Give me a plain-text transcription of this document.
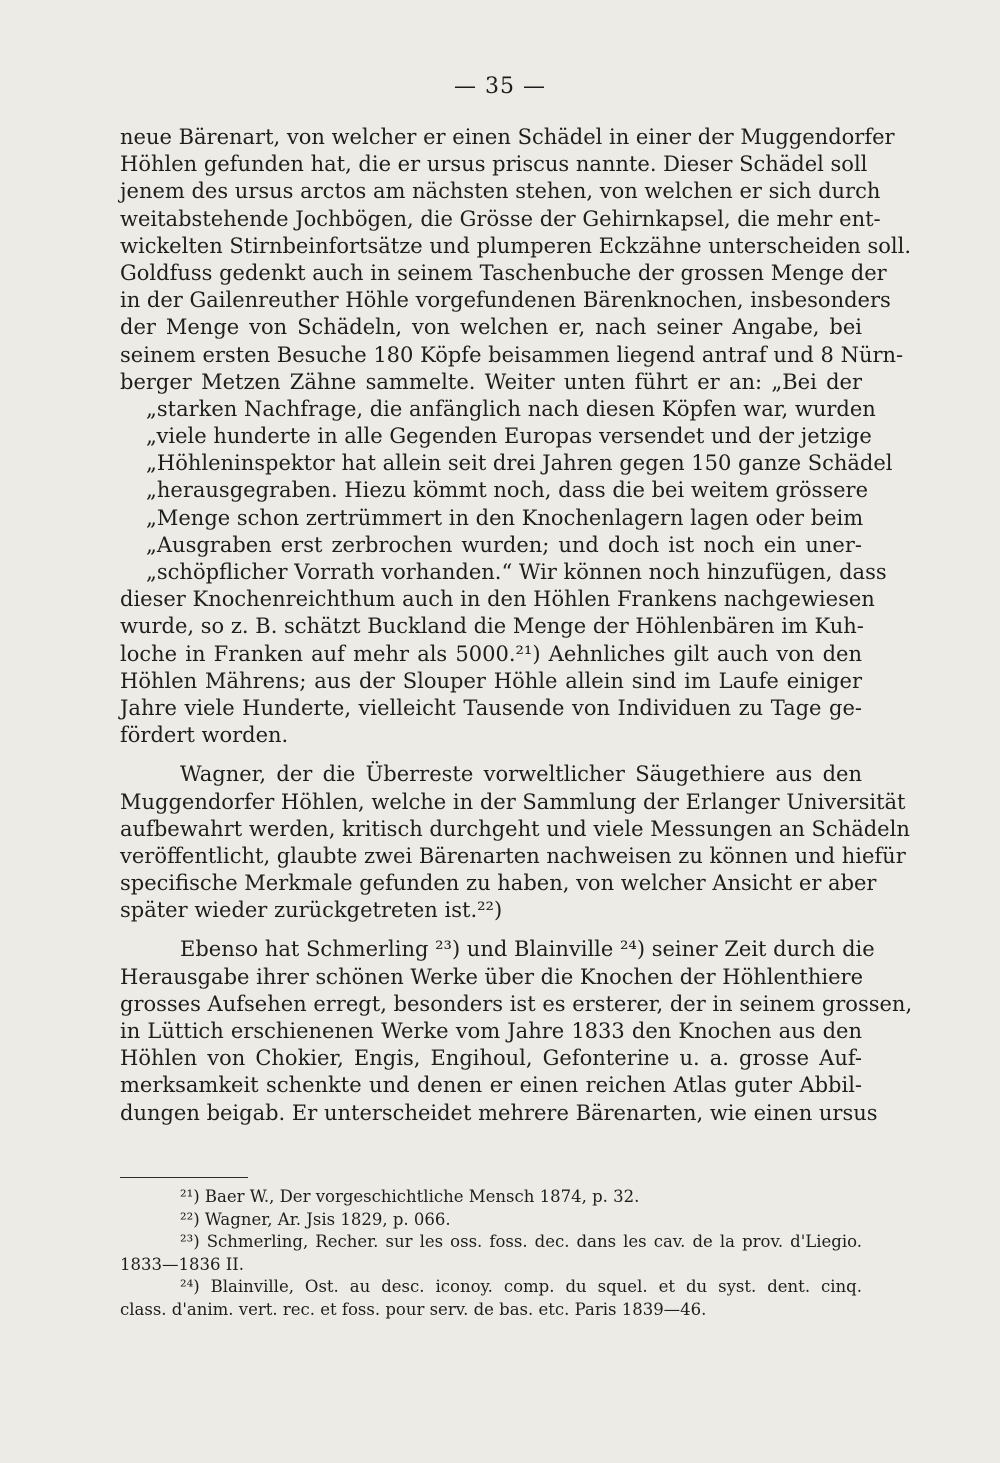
— 35 —
neue Bärenart, von welcher er einen Schädel in einer der Muggendorfer
Höhlen gefunden hat, die er ursus priscus nannte. Dieser Schädel soll
jenem des ursus arctos am nächsten stehen, von welchen er sich durch
weitabstehende Jochbögen, die Grösse der Gehirnkapsel, die mehr ent-
wickelten Stirnbeinfortsätze und plumperen Eckzähne unterscheiden soll.
Goldfuss gedenkt auch in seinem Taschenbuche der grossen Menge der
in der Gailenreuther Höhle vorgefundenen Bärenknochen, insbesonders
der Menge von Schädeln, von welchen er, nach seiner Angabe, bei
seinem ersten Besuche 180 Köpfe beisammen liegend antraf und 8 Nürn-
berger Metzen Zähne sammelte. Weiter unten führt er an: „Bei der
„starken Nachfrage, die anfänglich nach diesen Köpfen war, wurden
„viele hunderte in alle Gegenden Europas versendet und der jetzige
„Höhleninspektor hat allein seit drei Jahren gegen 150 ganze Schädel
„herausgegraben. Hiezu kömmt noch, dass die bei weitem grössere
„Menge schon zertrümmert in den Knochenlagern lagen oder beim
„Ausgraben erst zerbrochen wurden; und doch ist noch ein uner-
„schöpflicher Vorrath vorhanden.“ Wir können noch hinzufügen, dass
dieser Knochenreichthum auch in den Höhlen Frankens nachgewiesen
wurde, so z. B. schätzt Buckland die Menge der Höhlenbären im Kuh-
loche in Franken auf mehr als 5000.²¹) Aehnliches gilt auch von den
Höhlen Mährens; aus der Slouper Höhle allein sind im Laufe einiger
Jahre viele Hunderte, vielleicht Tausende von Individuen zu Tage ge-
fördert worden.
Wagner, der die Überreste vorweltlicher Säugethiere aus den
Muggendorfer Höhlen, welche in der Sammlung der Erlanger Universität
aufbewahrt werden, kritisch durchgeht und viele Messungen an Schädeln
veröffentlicht, glaubte zwei Bärenarten nachweisen zu können und hiefür
specifische Merkmale gefunden zu haben, von welcher Ansicht er aber
später wieder zurückgetreten ist.²²)
Ebenso hat Schmerling ²³) und Blainville ²⁴) seiner Zeit durch die
Herausgabe ihrer schönen Werke über die Knochen der Höhlenthiere
grosses Aufsehen erregt, besonders ist es ersterer, der in seinem grossen,
in Lüttich erschienenen Werke vom Jahre 1833 den Knochen aus den
Höhlen von Chokier, Engis, Engihoul, Gefonterine u. a. grosse Auf-
merksamkeit schenkte und denen er einen reichen Atlas guter Abbil-
dungen beigab. Er unterscheidet mehrere Bärenarten, wie einen ursus
²¹) Baer W., Der vorgeschichtliche Mensch 1874, p. 32.
²²) Wagner, Ar. Jsis 1829, p. 066.
²³) Schmerling, Recher. sur les oss. foss. dec. dans les cav. de la prov. d'Liegio.
1833—1836 II.
²⁴) Blainville, Ost. au desc. iconoy. comp. du squel. et du syst. dent. cinq.
class. d'anim. vert. rec. et foss. pour serv. de bas. etc. Paris 1839—46.
